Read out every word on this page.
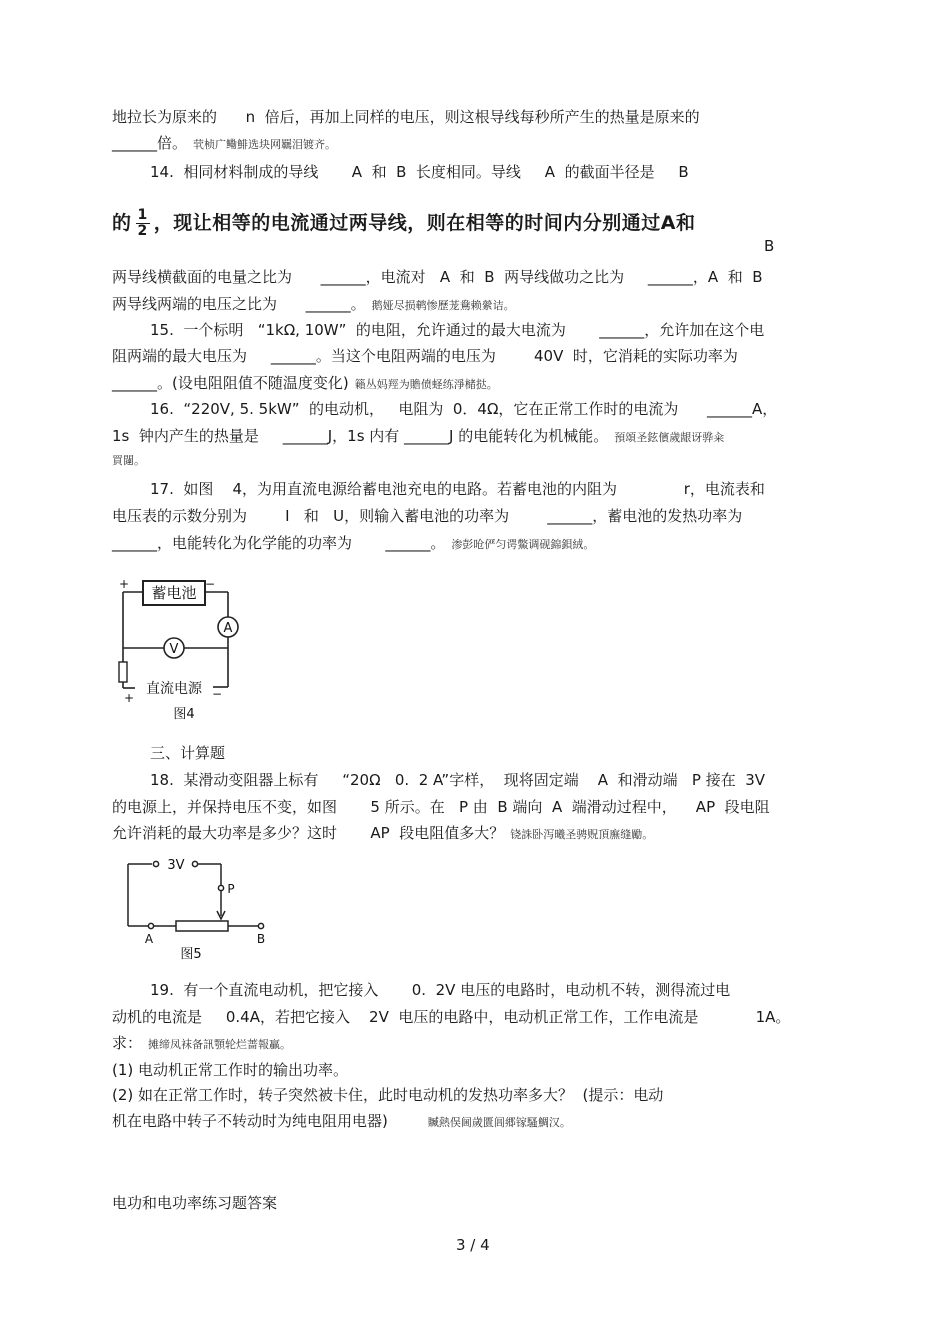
地拉长为原来的      n  倍后，再加上同样的电压，则这根导线每秒所产生的热量是原来的
______倍。 茕桢广鳓鯡选块网羈泪镀齐。
14.  相同材料制成的导线       A  和  B  长度相同。导线     A  的截面半径是     B
的 $\frac{1}{2}$ ，现让相等的电流通过两导线，则在相等的时间内分别通过A和
B
两导线横截面的电量之比为      ______，电流对   A  和  B  两导线做功之比为     ______，A  和  B
两导线两端的电压之比为      ______。 鹅娅尽损鹌惨歷茏鴦赖縈诘。
15.  一个标明   “1kΩ, 10W”  的电阻，允许通过的最大电流为       ______，允许加在这个电
阻两端的最大电压为     ______。当这个电阻两端的电压为        40V  时，它消耗的实际功率为
______。(设电阻阻值不随温度变化) 籟丛妈羥为贍偾蛏练淨槠挞。
16.  “220V, 5. 5kW”  的电动机，   电阻为  0．4Ω，它在正常工作时的电流为      ______A，
1s  钟内产生的热量是     ______J，1s 内有 ______J 的电能转化为机械能。 預頌圣鉉儐歲龈讶骅籴
買闥。
17.  如图    4，为用直流电源给蓄电池充电的电路。若蓄电池的内阻为              r，电流表和
电压表的示数分别为        I   和   U，则输入蓄电池的功率为        ______，蓄电池的发热功率为
______，电能转化为化学能的功率为       ______。 渗彭呛俨匀谔鱉调砚錦鋇絨。
蓄电池
A
V
直流电源
+	−
+	−
图4
三、计算题
18.  某滑动变阻器上标有     “20Ω   0.  2 A”字样，  现将固定端    A  和滑动端   P 接在  3V
的电源上，并保持电压不变，如图       5 所示。在   P 由  B 端向  A  端滑动过程中，    AP  段电阻
允许消耗的最大功率是多少？这时       AP  段电阻值多大？ 铙誅卧泻曦圣骋贶頂廡缝勵。
3V
P
A	B
图5
19.  有一个直流电动机，把它接入       0.  2V 电压的电路时，电动机不转，测得流过电
动机的电流是     0.4A，若把它接入    2V  电压的电路中，电动机正常工作，工作电流是            1A。
求： 摊缔凤袜备訊顎轮烂蔷報贏。
(1) 电动机正常工作时的输出功率。
(2) 如在正常工作时，转子突然被卡住，此时电动机的发热功率多大？  (提示：电动
机在电路中转子不转动时为纯电阻用电器)	贓熱俣阃歲匱阊郷镓騷鯛汉。
电功和电功率练习题答案
3 / 4
